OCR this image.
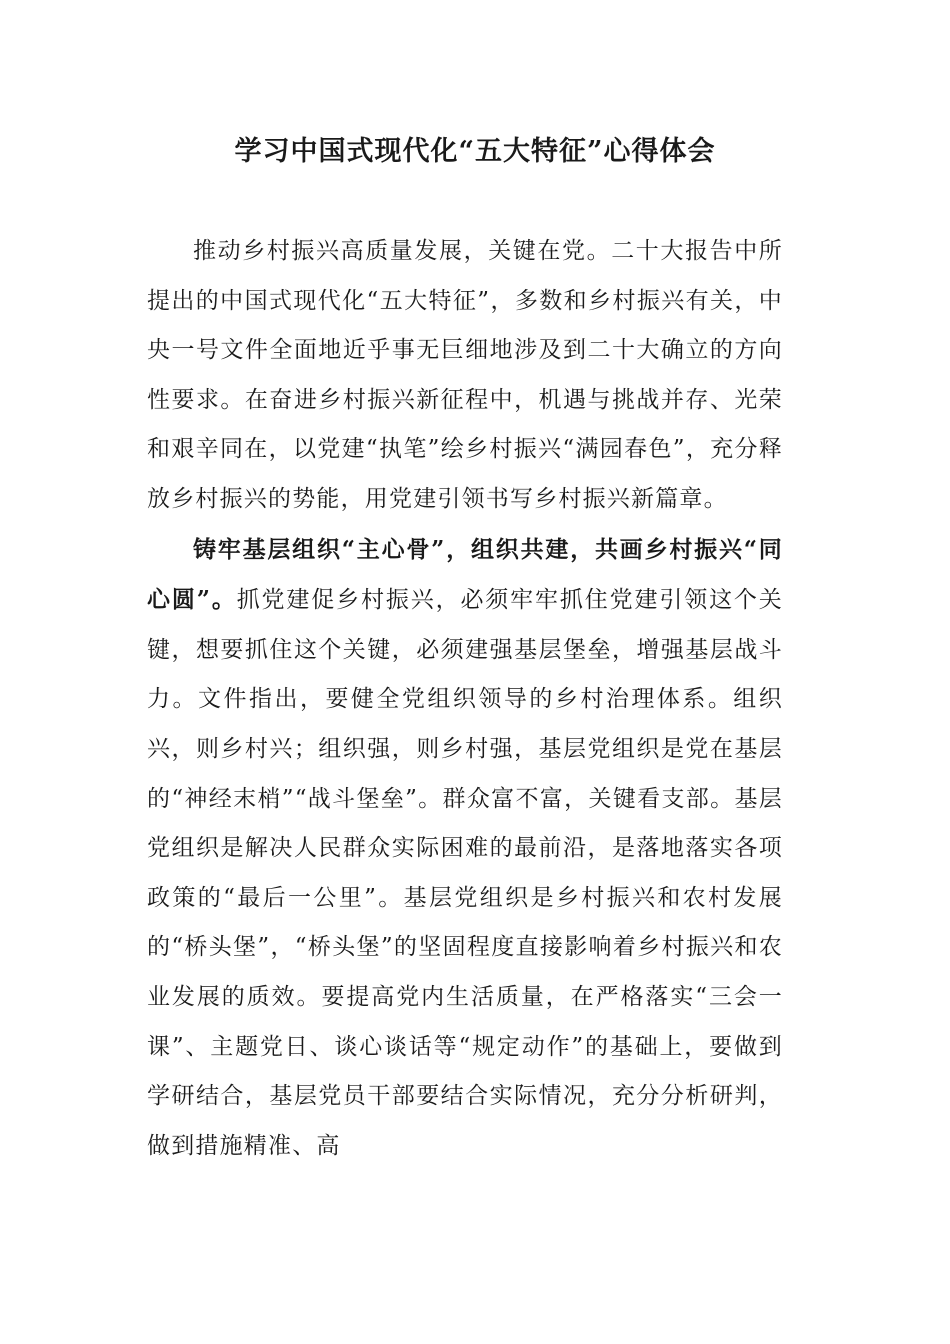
学习中国式现代化“五大特征”心得体会

推动乡村振兴高质量发展，关键在党。二十大报告中所提出的中国式现代化“五大特征”，多数和乡村振兴有关，中央一号文件全面地近乎事无巨细地涉及到二十大确立的方向性要求。在奋进乡村振兴新征程中，机遇与挑战并存、光荣和艰辛同在，以党建“执笔”绘乡村振兴“满园春色”，充分释放乡村振兴的势能，用党建引领书写乡村振兴新篇章。

铸牢基层组织“主心骨”，组织共建，共画乡村振兴“同心圆”。抓党建促乡村振兴，必须牢牢抓住党建引领这个关键，想要抓住这个关键，必须建强基层堡垒，增强基层战斗力。文件指出，要健全党组织领导的乡村治理体系。组织兴，则乡村兴；组织强，则乡村强，基层党组织是党在基层的“神经末梢”“战斗堡垒”。群众富不富，关键看支部。基层党组织是解决人民群众实际困难的最前沿，是落地落实各项政策的“最后一公里”。基层党组织是乡村振兴和农村发展的“桥头堡”，“桥头堡”的坚固程度直接影响着乡村振兴和农业发展的质效。要提高党内生活质量，在严格落实“三会一课”、主题党日、谈心谈话等“规定动作”的基础上，要做到学研结合，基层党员干部要结合实际情况，充分分析研判，做到措施精准、高
